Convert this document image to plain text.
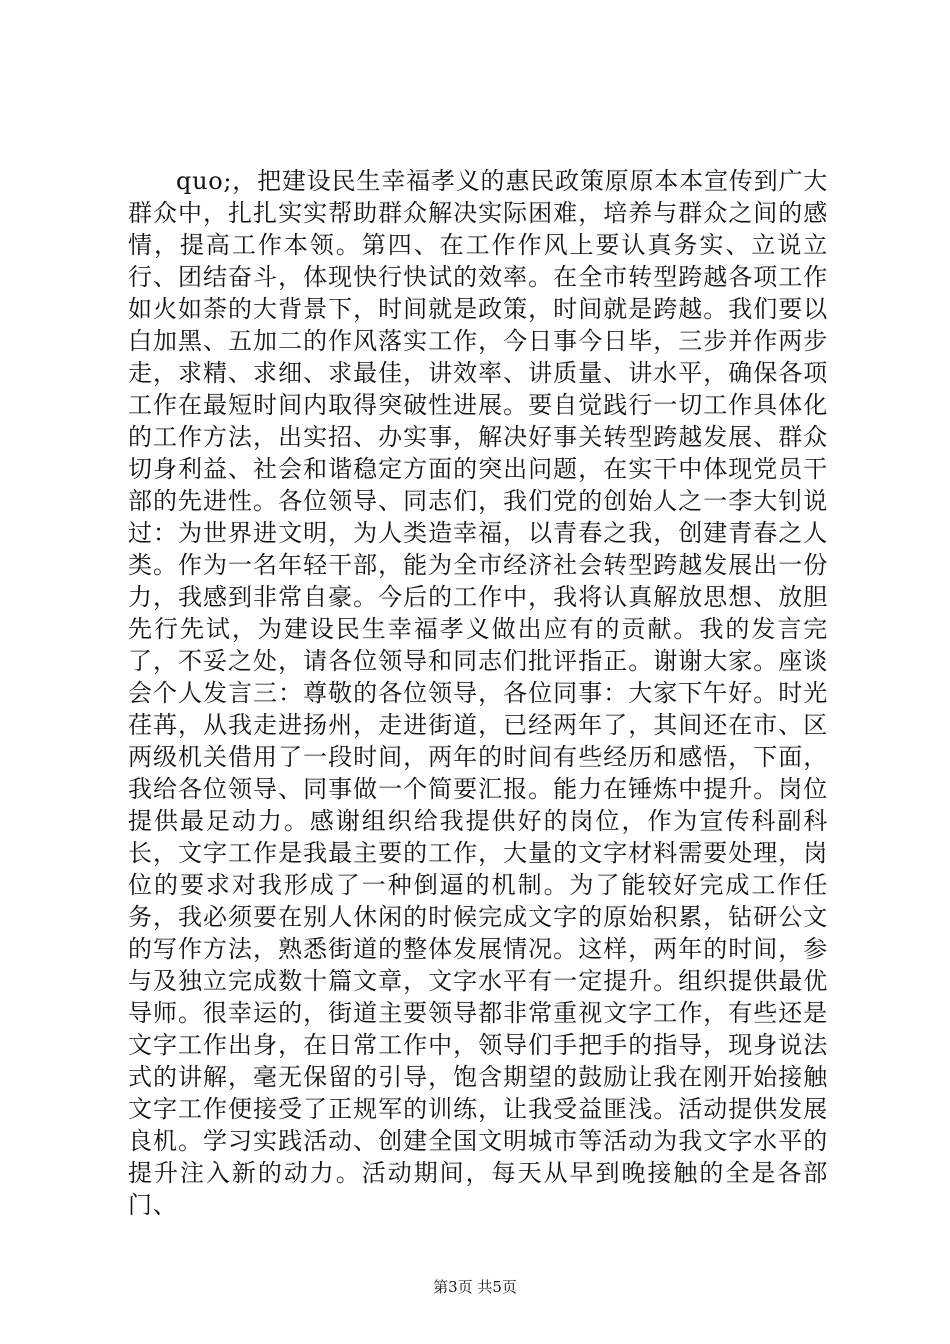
quo;，把建设民生幸福孝义的惠民政策原原本本宣传到广大群众中，扎扎实实帮助群众解决实际困难，培养与群众之间的感情，提高工作本领。第四、在工作作风上要认真务实、立说立行、团结奋斗，体现快行快试的效率。在全市转型跨越各项工作如火如荼的大背景下，时间就是政策，时间就是跨越。我们要以白加黑、五加二的作风落实工作，今日事今日毕，三步并作两步走，求精、求细、求最佳，讲效率、讲质量、讲水平，确保各项工作在最短时间内取得突破性进展。要自觉践行一切工作具体化的工作方法，出实招、办实事，解决好事关转型跨越发展、群众切身利益、社会和谐稳定方面的突出问题，在实干中体现党员干部的先进性。各位领导、同志们，我们党的创始人之一李大钊说过：为世界进文明，为人类造幸福，以青春之我，创建青春之人类。作为一名年轻干部，能为全市经济社会转型跨越发展出一份力，我感到非常自豪。今后的工作中，我将认真解放思想、放胆先行先试，为建设民生幸福孝义做出应有的贡献。我的发言完了，不妥之处，请各位领导和同志们批评指正。谢谢大家。座谈会个人发言三：尊敬的各位领导，各位同事：大家下午好。时光荏苒，从我走进扬州，走进街道，已经两年了，其间还在市、区两级机关借用了一段时间，两年的时间有些经历和感悟，下面，我给各位领导、同事做一个简要汇报。能力在锤炼中提升。岗位提供最足动力。感谢组织给我提供好的岗位，作为宣传科副科长，文字工作是我最主要的工作，大量的文字材料需要处理，岗位的要求对我形成了一种倒逼的机制。为了能较好完成工作任务，我必须要在别人休闲的时候完成文字的原始积累，钻研公文的写作方法，熟悉街道的整体发展情况。这样，两年的时间，参与及独立完成数十篇文章，文字水平有一定提升。组织提供最优导师。很幸运的，街道主要领导都非常重视文字工作，有些还是文字工作出身，在日常工作中，领导们手把手的指导，现身说法式的讲解，毫无保留的引导，饱含期望的鼓励让我在刚开始接触文字工作便接受了正规军的训练，让我受益匪浅。活动提供发展良机。学习实践活动、创建全国文明城市等活动为我文字水平的提升注入新的动力。活动期间，每天从早到晚接触的全是各部门、

第3页 共5页
